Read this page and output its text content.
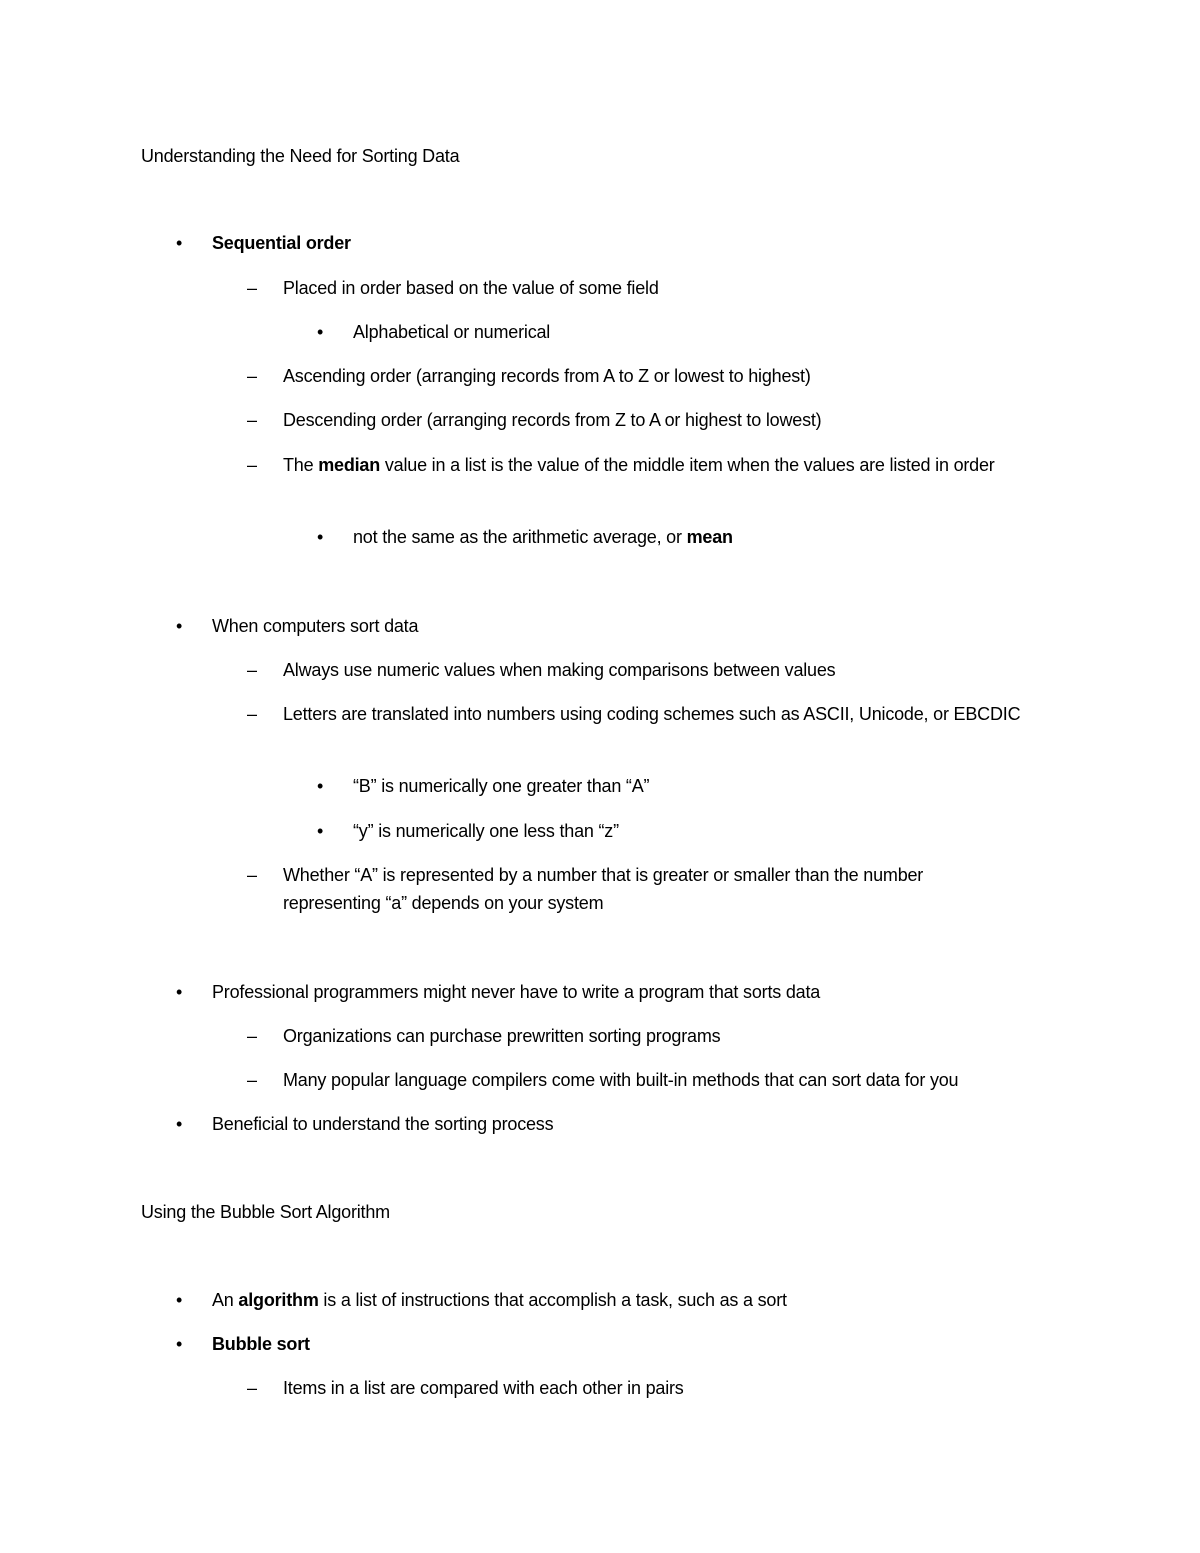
Understanding the Need for Sorting Data
• Sequential order
– Placed in order based on the value of some field
• Alphabetical or numerical
– Ascending order (arranging records from A to Z or lowest to highest)
– Descending order (arranging records from Z to A or highest to lowest)
– The median value in a list is the value of the middle item when the values are listed in order
• not the same as the arithmetic average, or mean
• When computers sort data
– Always use numeric values when making comparisons between values
– Letters are translated into numbers using coding schemes such as ASCII, Unicode, or EBCDIC
• “B” is numerically one greater than “A”
• “y” is numerically one less than “z”
– Whether “A” is represented by a number that is greater or smaller than the number representing “a” depends on your system
• Professional programmers might never have to write a program that sorts data
– Organizations can purchase prewritten sorting programs
– Many popular language compilers come with built-in methods that can sort data for you
• Beneficial to understand the sorting process
Using the Bubble Sort Algorithm
• An algorithm is a list of instructions that accomplish a task, such as a sort
• Bubble sort
– Items in a list are compared with each other in pairs
